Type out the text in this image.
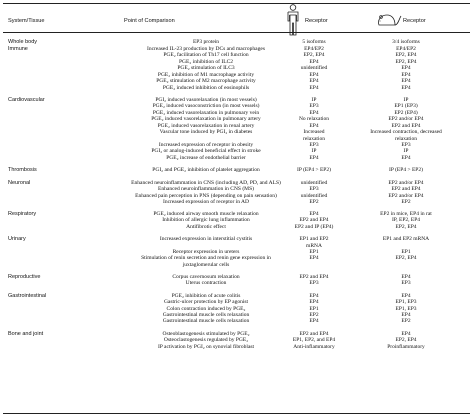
System/Tissue	Point of Comparison	Receptor	Receptor
Whole body	EP3 protein	5 isoforms	3/4 isoforms
Immune	Increased IL-23 production by DCs and macrophages	EP4/EP2	EP4/EP2
PGE₂ facilitation of Th17 cell function	EP2, EP4	EP2, EP4
PGE₂ inhibition of ILC2	EP4	EP2, EP4
PGE₂ stimulation of ILC3	unidentified	EP4
PGE₂ inhibition of M1 macrophage activity	EP4	EP4
PGE₂ stimulation of M2 macrophage activity	EP4	EP4
PGE₂ induced inhibition of eosinophils	EP4	EP4
Cardiovascular	PGI₂ induced vasorelaxation (in most vessels)	IP	IP
PGE₂ induced vasoconstriction (in most vessels)	EP3	EP1 (EP3)
PGE₂ induced vasorelaxation in pulmonary vein	EP4	EP2 (EP4)
PGE₂ induced vasorelaxation in pulmonary artery	No relaxation	EP2 and/or EP4
PGE₂ induced vasorelaxation in renal artery	EP4	EP2 and EP4
Vascular tone induced by PGI₂ in diabetes	Increased	Increased contraction, decreased
relaxation	relaxation
Increased expression of receptor in obesity	EP3	EP3
PGI₂ or analog-induced beneficial effect in stroke	IP	IP
PGE₂ increase of endothelial barrier	EP4	EP4
Thrombosis	PGI₂ and PGE₂ inhibition of platelet aggregation	IP (EP4 > EP2)	IP (EP4 > EP2)
Neuronal	Enhanced neuroinflammation in CNS (including AD, PD, and ALS)	unidentified	EP2 and/or EP4
Enhanced neuroinflammation in CNS (MS)	EP3	EP2 and EP4
Enhanced pain perception in PNS (depending on pain sensation)	unidentified	EP2 and/or EP4
Increased expression of receptor in AD	EP2	EP2
Respiratory	PGE₂ induced airway smooth muscle relaxation	EP4	EP2 in mice, EP4 in rat
Inhibition of allergic lung inflammation	EP2 and EP4	IP, EP2, EP4
Antifibrotic effect	EP2 and IP (EP4)	EP2, EP4
Urinary	Increased expression in interstitial cystitis	EP1 and EP2	EP1 and EP2 mRNA
mRNA
Receptor expression in ureters	EP1	EP1
Stimulation of renin secretion and renin gene expression in	EP4	EP2, EP4
juxtaglomerular cells
Reproductive	Corpus cavernosum relaxation	EP2 and EP4	EP4
Uterus contraction	EP3	EP3
Gastrointestinal	PGE₂ inhibition of acute colitis	EP4	EP4
Gastric-ulcer protection by EP agonist	EP4	EP1, EP3
Colon contraction induced by PGE₂	EP1	EP1, EP3
Gastrointestinal muscle cells relaxation	EP2	EP4
Gastrointestinal muscle cells relaxation	EP4	EP2
Bone and joint	Osteoblastogenesis stimulated by PGE₂	EP2 and EP4	EP4
Osteoclastogenesis regulated by PGE₂	EP1, EP2, and EP4	EP2, EP4
IP activation by PGI₂ on synovial fibroblast	Anti-inflammatory	Proinflammatory
